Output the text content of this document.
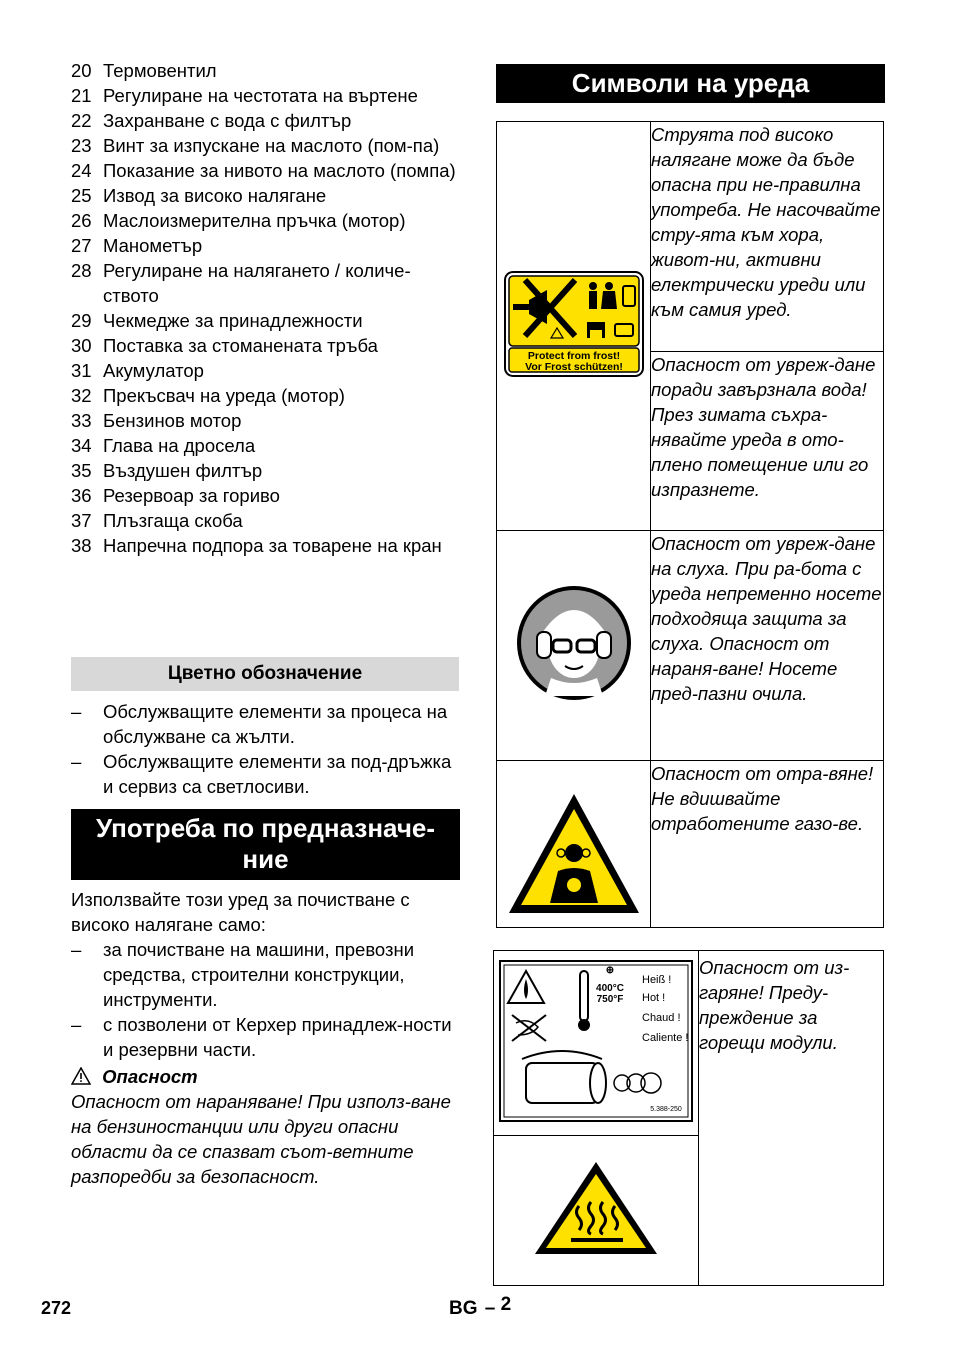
20 Термовентил
21 Регулиране на честотата на въртене
22 Захранване с вода с филтър
23 Винт за изпускане на маслото (пом-па)
24 Показание за нивото на маслото (помпа)
25 Извод за високо налягане
26 Маслоизмерителна пръчка (мотор)
27 Манометър
28 Регулиране на налягането / количе-ството
29 Чекмедже за принадлежности
30 Поставка за стоманената тръба
31 Акумулатор
32 Прекъсвач на уреда (мотор)
33 Бензинов мотор
34 Глава на дросела
35 Въздушен филтър
36 Резервоар за гориво
37 Плъзгаща скоба
38 Напречна подпора за товарене на кран
Цветно обозначение
– Обслужващите елементи за процеса на обслужване са жълти.
– Обслужващите елементи за под-дръжка и сервиз са светлосиви.
Употреба по предназначе-
ние
Използвайте този уред за почистване с високо налягане само:
– за почистване на машини, превозни средства, строителни конструкции, инструменти.
– с позволени от Керхер принадлеж-ности и резервни части.
Опасност
Опасност от нараняване! При използ-ване на бензиностанции или други опасни области да се спазват съот-ветните разпоредби за безопасност.
Символи на уреда
Protect from frost!
Vor Frost schützen!	Струята под високо налягане може да бъде опасна при не-правилна употреба. Не насочвайте стру-ята към хора, живот-ни, активни електрически уреди или към самия уред.
	Опасност от увреж-дане поради завързнала вода! През зимата съхра-нявайте уреда в ото-плено помещение или го изпразнете.
	Опасност от увреж-дане на слуха. При ра-бота с уреда непременно носете подходяща защита за слуха. Опасност от нараня-ване! Носете пред-пазни очила.

	Опасност от отра-вяне! Не вдишвайте отработените газо-ве.
⊕
400°C
750°F
Heiß !
Hot !
Chaud !
Caliente !
5.388-250
	Опасност от из-гаряне! Преду-преждение за горещи модули.

272	BG – 2
